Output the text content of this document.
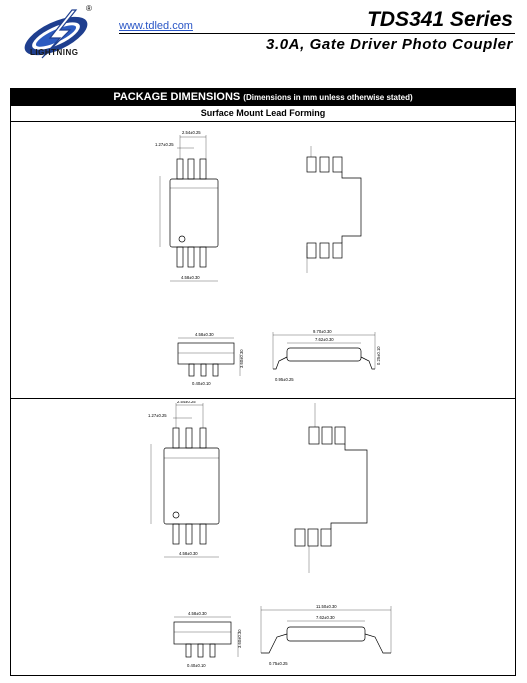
®
LIGHTNING
www.tdled.com	TDS341 Series
3.0A, Gate Driver Photo Coupler
PACKAGE DIMENSIONS (Dimensions in mm unless otherwise stated)
Surface Mount Lead Forming
2.54±0.25
1.27±0.25
4.58±0.30
4.58±0.30
3.60±0.30
0.40±0.10
9.70±0.30
7.62±0.30
0.25±0.10
0.95±0.25
2.54±0.25
1.27±0.25
4.58±0.30
4.58±0.30
3.60±0.30
0.40±0.10
11.50±0.30
7.62±0.30
0.75±0.25
